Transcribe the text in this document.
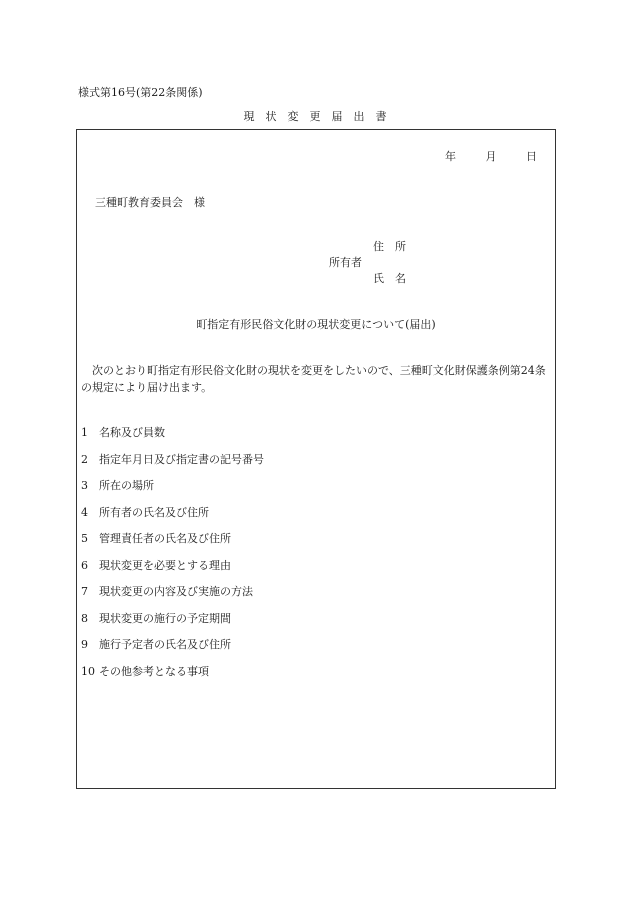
様式第16号(第22条関係)
現　状　変　更　届　出　書
年	月	日
三種町教育委員会　様
住　所
所有者
氏　名
町指定有形民俗文化財の現状変更について(届出)
次のとおり町指定有形民俗文化財の現状を変更をしたいので、三種町文化財保護条例第24条の規定により届け出ます。
1 名称及び員数
2 指定年月日及び指定書の記号番号
3 所在の場所
4 所有者の氏名及び住所
5 管理責任者の氏名及び住所
6 現状変更を必要とする理由
7 現状変更の内容及び実施の方法
8 現状変更の施行の予定期間
9 施行予定者の氏名及び住所
10 その他参考となる事項
